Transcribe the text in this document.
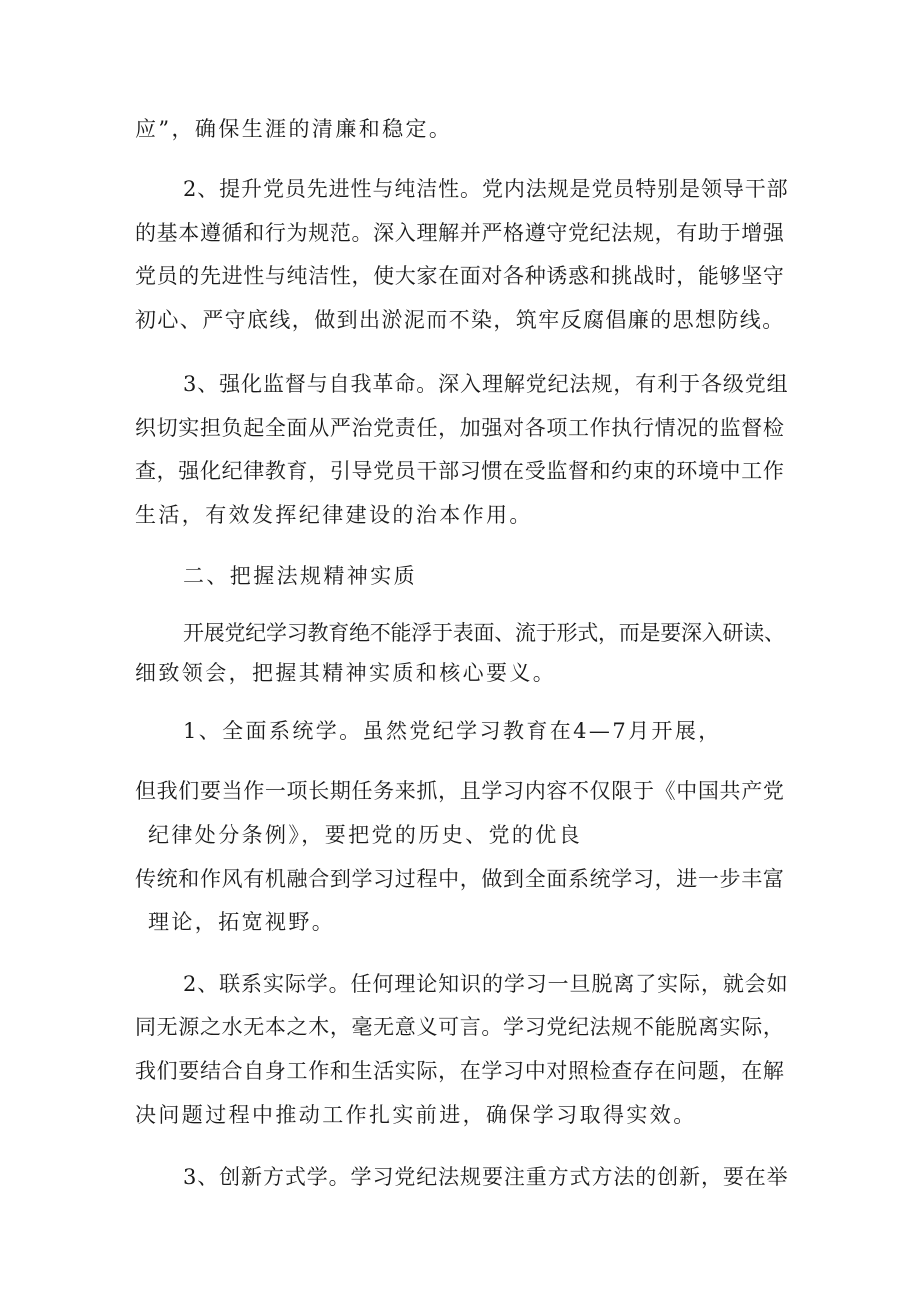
应”，确保生涯的清廉和稳定。

2、提升党员先进性与纯洁性。党内法规是党员特别是领导干部

的基本遵循和行为规范。深入理解并严格遵守党纪法规，有助于增强

党员的先进性与纯洁性，使大家在面对各种诱惑和挑战时，能够坚守

初心、严守底线，做到出淤泥而不染，筑牢反腐倡廉的思想防线。

3、强化监督与自我革命。深入理解党纪法规，有利于各级党组

织切实担负起全面从严治党责任，加强对各项工作执行情况的监督检

查，强化纪律教育，引导党员干部习惯在受监督和约束的环境中工作

生活，有效发挥纪律建设的治本作用。

二、把握法规精神实质

开展党纪学习教育绝不能浮于表面、流于形式，而是要深入研读、

细致领会，把握其精神实质和核心要义。

1、全面系统学。虽然党纪学习教育在4—7月开展，

但我们要当作一项长期任务来抓，且学习内容不仅限于《中国共产党

纪律处分条例》，要把党的历史、党的优良

传统和作风有机融合到学习过程中，做到全面系统学习，进一步丰富

理论，拓宽视野。

2、联系实际学。任何理论知识的学习一旦脱离了实际，就会如

同无源之水无本之木，毫无意义可言。学习党纪法规不能脱离实际，

我们要结合自身工作和生活实际，在学习中对照检查存在问题，在解

决问题过程中推动工作扎实前进，确保学习取得实效。

3、创新方式学。学习党纪法规要注重方式方法的创新，要在举
